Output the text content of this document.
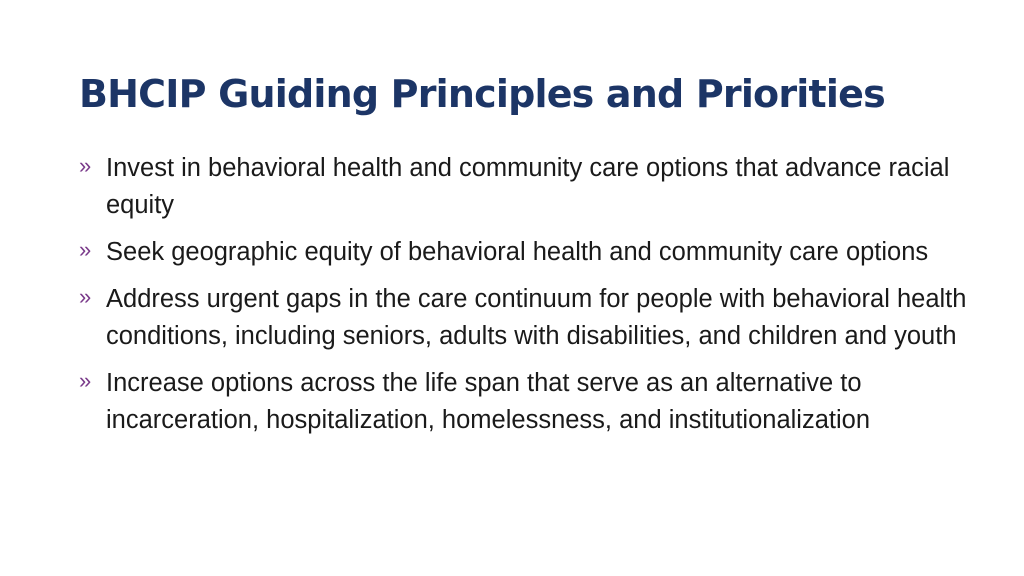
BHCIP Guiding Principles and Priorities
» Invest in behavioral health and community care options that advance racial equity
» Seek geographic equity of behavioral health and community care options
» Address urgent gaps in the care continuum for people with behavioral health conditions, including seniors, adults with disabilities, and children and youth
» Increase options across the life span that serve as an alternative to incarceration, hospitalization, homelessness, and institutionalization
